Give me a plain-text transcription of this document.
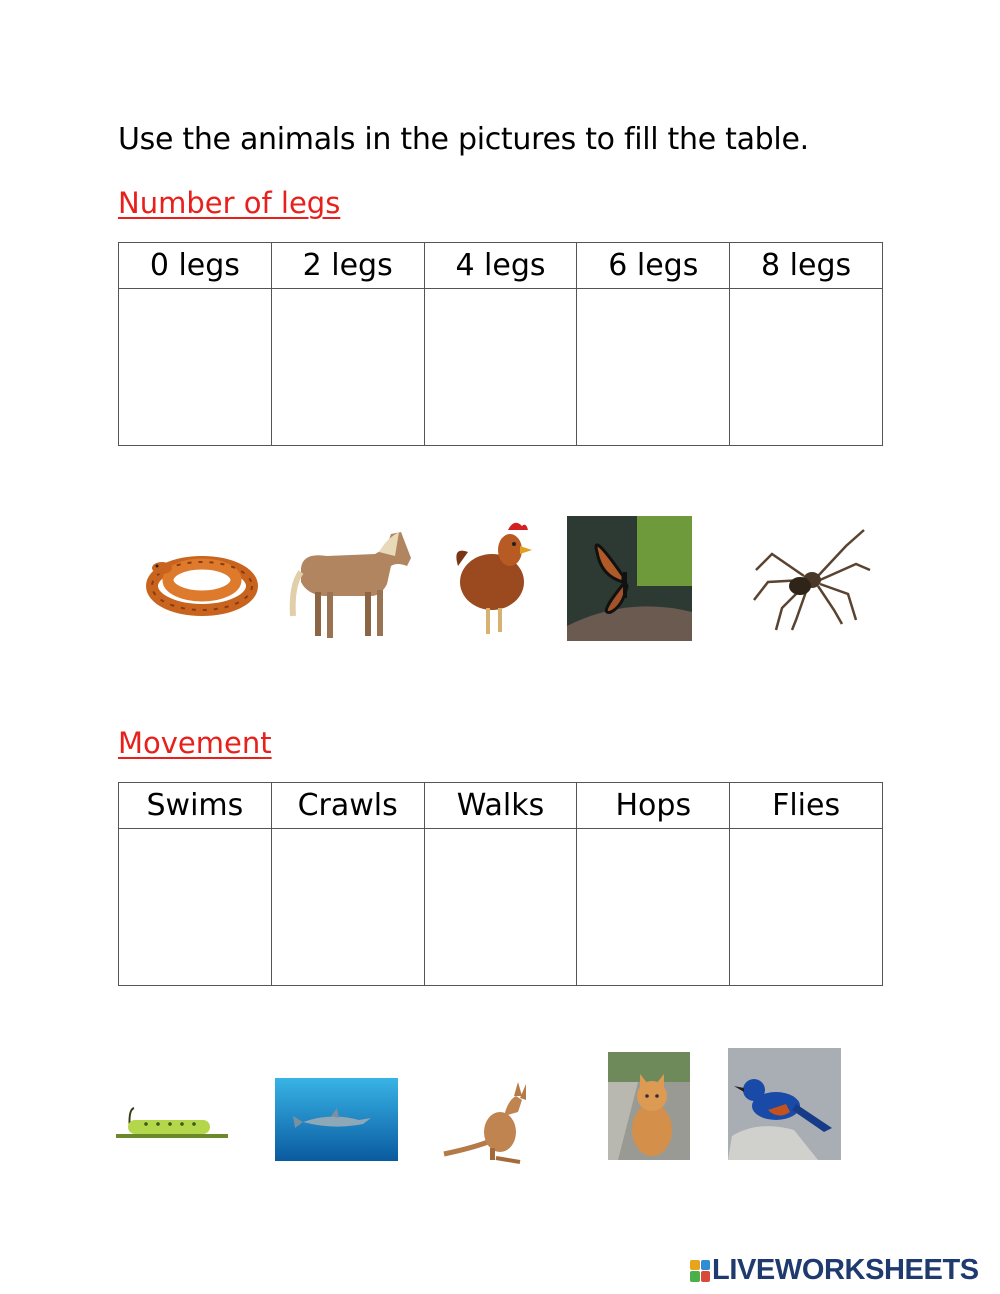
Use the animals in the pictures to fill the table.
Number of legs
0 legs	2 legs	4 legs	6 legs	8 legs

Movement
Swims	Crawls	Walks	Hops	Flies

LIVEWORKSHEETS
